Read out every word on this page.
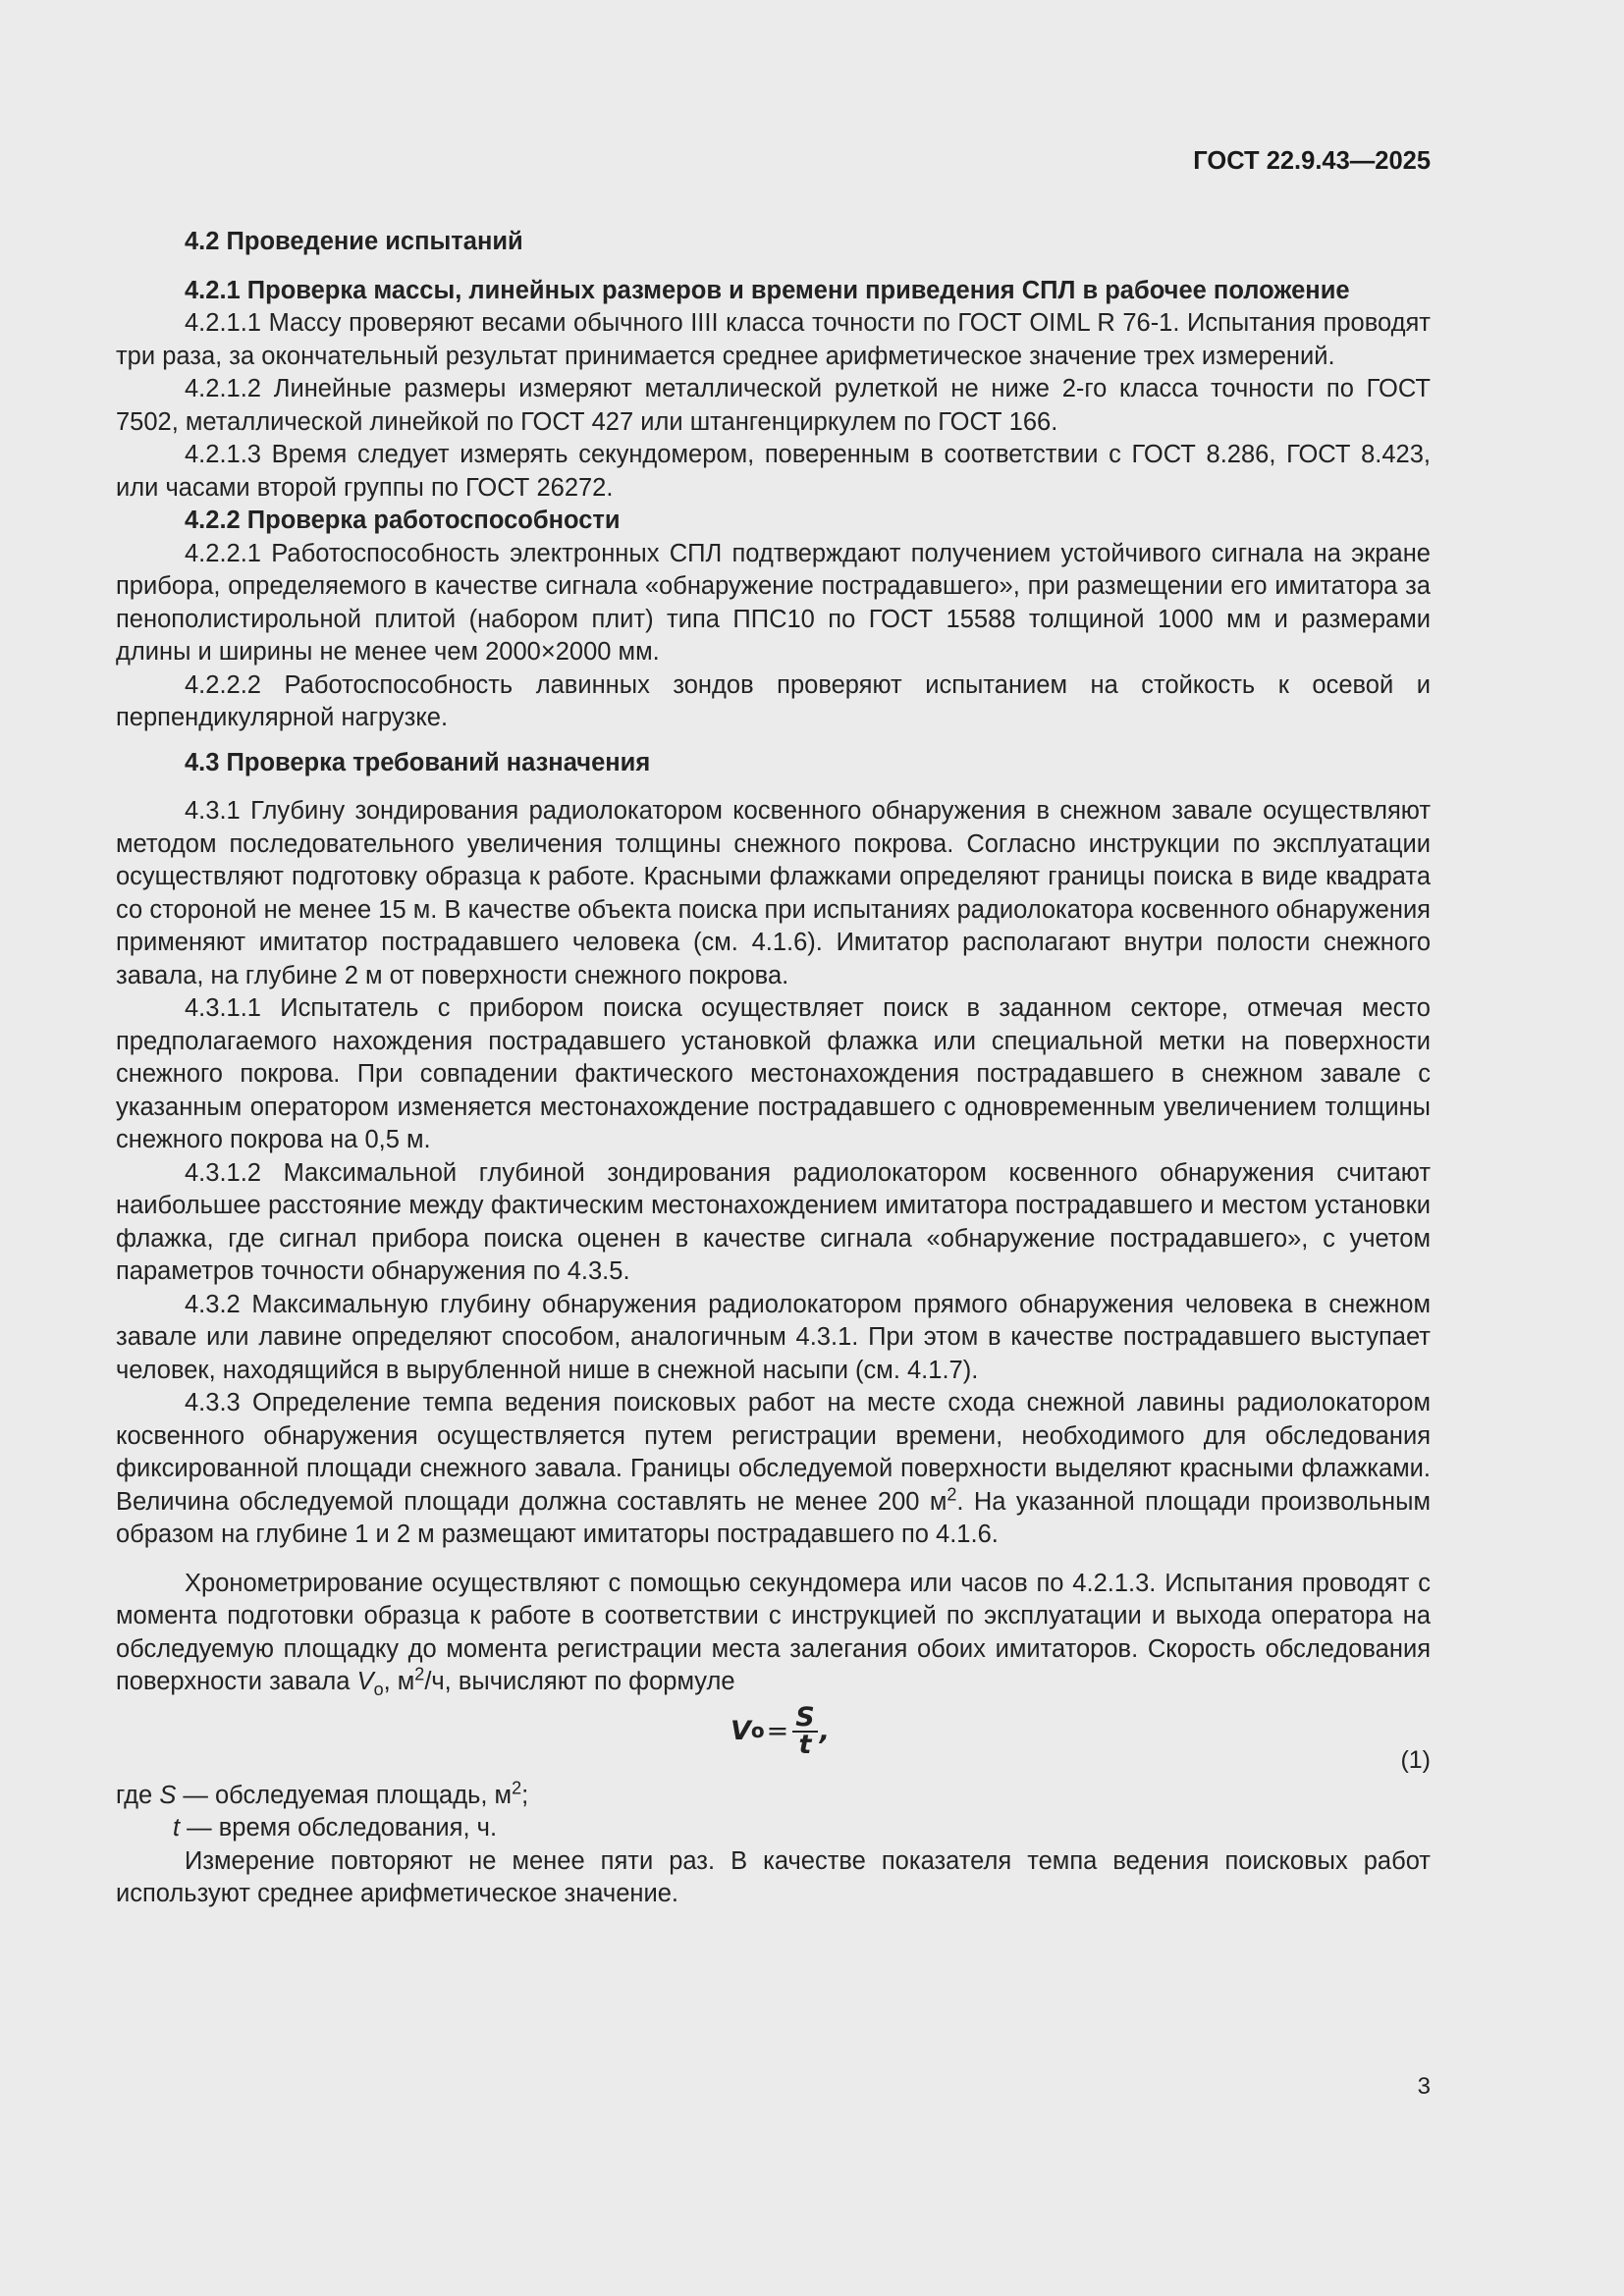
ГОСТ 22.9.43—2025
4.2 Проведение испытаний
4.2.1 Проверка массы, линейных размеров и времени приведения СПЛ в рабочее положение

4.2.1.1 Массу проверяют весами обычного IIII класса точности по ГОСТ OIML R 76-1. Испытания проводят три раза, за окончательный результат принимается среднее арифметическое значение трех измерений.

4.2.1.2 Линейные размеры измеряют металлической рулеткой не ниже 2-го класса точности по ГОСТ 7502, металлической линейкой по ГОСТ 427 или штангенциркулем по ГОСТ 166.

4.2.1.3 Время следует измерять секундомером, поверенным в соответствии с ГОСТ 8.286, ГОСТ 8.423, или часами второй группы по ГОСТ 26272.

4.2.2 Проверка работоспособности

4.2.2.1 Работоспособность электронных СПЛ подтверждают получением устойчивого сигнала на экране прибора, определяемого в качестве сигнала «обнаружение пострадавшего», при размещении его имитатора за пенополистирольной плитой (набором плит) типа ППС10 по ГОСТ 15588 толщиной 1000 мм и размерами длины и ширины не менее чем 2000×2000 мм.

4.2.2.2 Работоспособность лавинных зондов проверяют испытанием на стойкость к осевой и перпендикулярной нагрузке.

4.3 Проверка требований назначения

4.3.1 Глубину зондирования радиолокатором косвенного обнаружения в снежном завале осуществляют методом последовательного увеличения толщины снежного покрова. Согласно инструкции по эксплуатации осуществляют подготовку образца к работе. Красными флажками определяют границы поиска в виде квадрата со стороной не менее 15 м. В качестве объекта поиска при испытаниях радиолокатора косвенного обнаружения применяют имитатор пострадавшего человека (см. 4.1.6). Имитатор располагают внутри полости снежного завала, на глубине 2 м от поверхности снежного покрова.

4.3.1.1 Испытатель с прибором поиска осуществляет поиск в заданном секторе, отмечая место предполагаемого нахождения пострадавшего установкой флажка или специальной метки на поверхности снежного покрова. При совпадении фактического местонахождения пострадавшего в снежном завале с указанным оператором изменяется местонахождение пострадавшего с одновременным увеличением толщины снежного покрова на 0,5 м.

4.3.1.2 Максимальной глубиной зондирования радиолокатором косвенного обнаружения считают наибольшее расстояние между фактическим местонахождением имитатора пострадавшего и местом установки флажка, где сигнал прибора поиска оценен в качестве сигнала «обнаружение пострадавшего», с учетом параметров точности обнаружения по 4.3.5.

4.3.2 Максимальную глубину обнаружения радиолокатором прямого обнаружения человека в снежном завале или лавине определяют способом, аналогичным 4.3.1. При этом в качестве пострадавшего выступает человек, находящийся в вырубленной нише в снежной насыпи (см. 4.1.7).

4.3.3 Определение темпа ведения поисковых работ на месте схода снежной лавины радиолокатором косвенного обнаружения осуществляется путем регистрации времени, необходимого для обследования фиксированной площади снежного завала. Границы обследуемой поверхности выделяют красными флажками. Величина обследуемой площади должна составлять не менее 200 $м^2$. На указанной площади произвольным образом на глубине 1 и 2 м размещают имитаторы пострадавшего по 4.1.6.

Хронометрирование осуществляют с помощью секундомера или часов по 4.2.1.3. Испытания проводят с момента подготовки образца к работе в соответствии с инструкцией по эксплуатации и выхода оператора на обследуемую площадку до момента регистрации места залегания обоих имитаторов. Скорость обследования поверхности завала $V_о$, $м^2/ч$, вычисляют по формуле

V $o = \frac{S}{t}$ ,
(1)

где S — обследуемая площадь, $м^2$;

t — время обследования, ч.

Измерение повторяют не менее пяти раз. В качестве показателя темпа ведения поисковых работ используют среднее арифметическое значение.

3
